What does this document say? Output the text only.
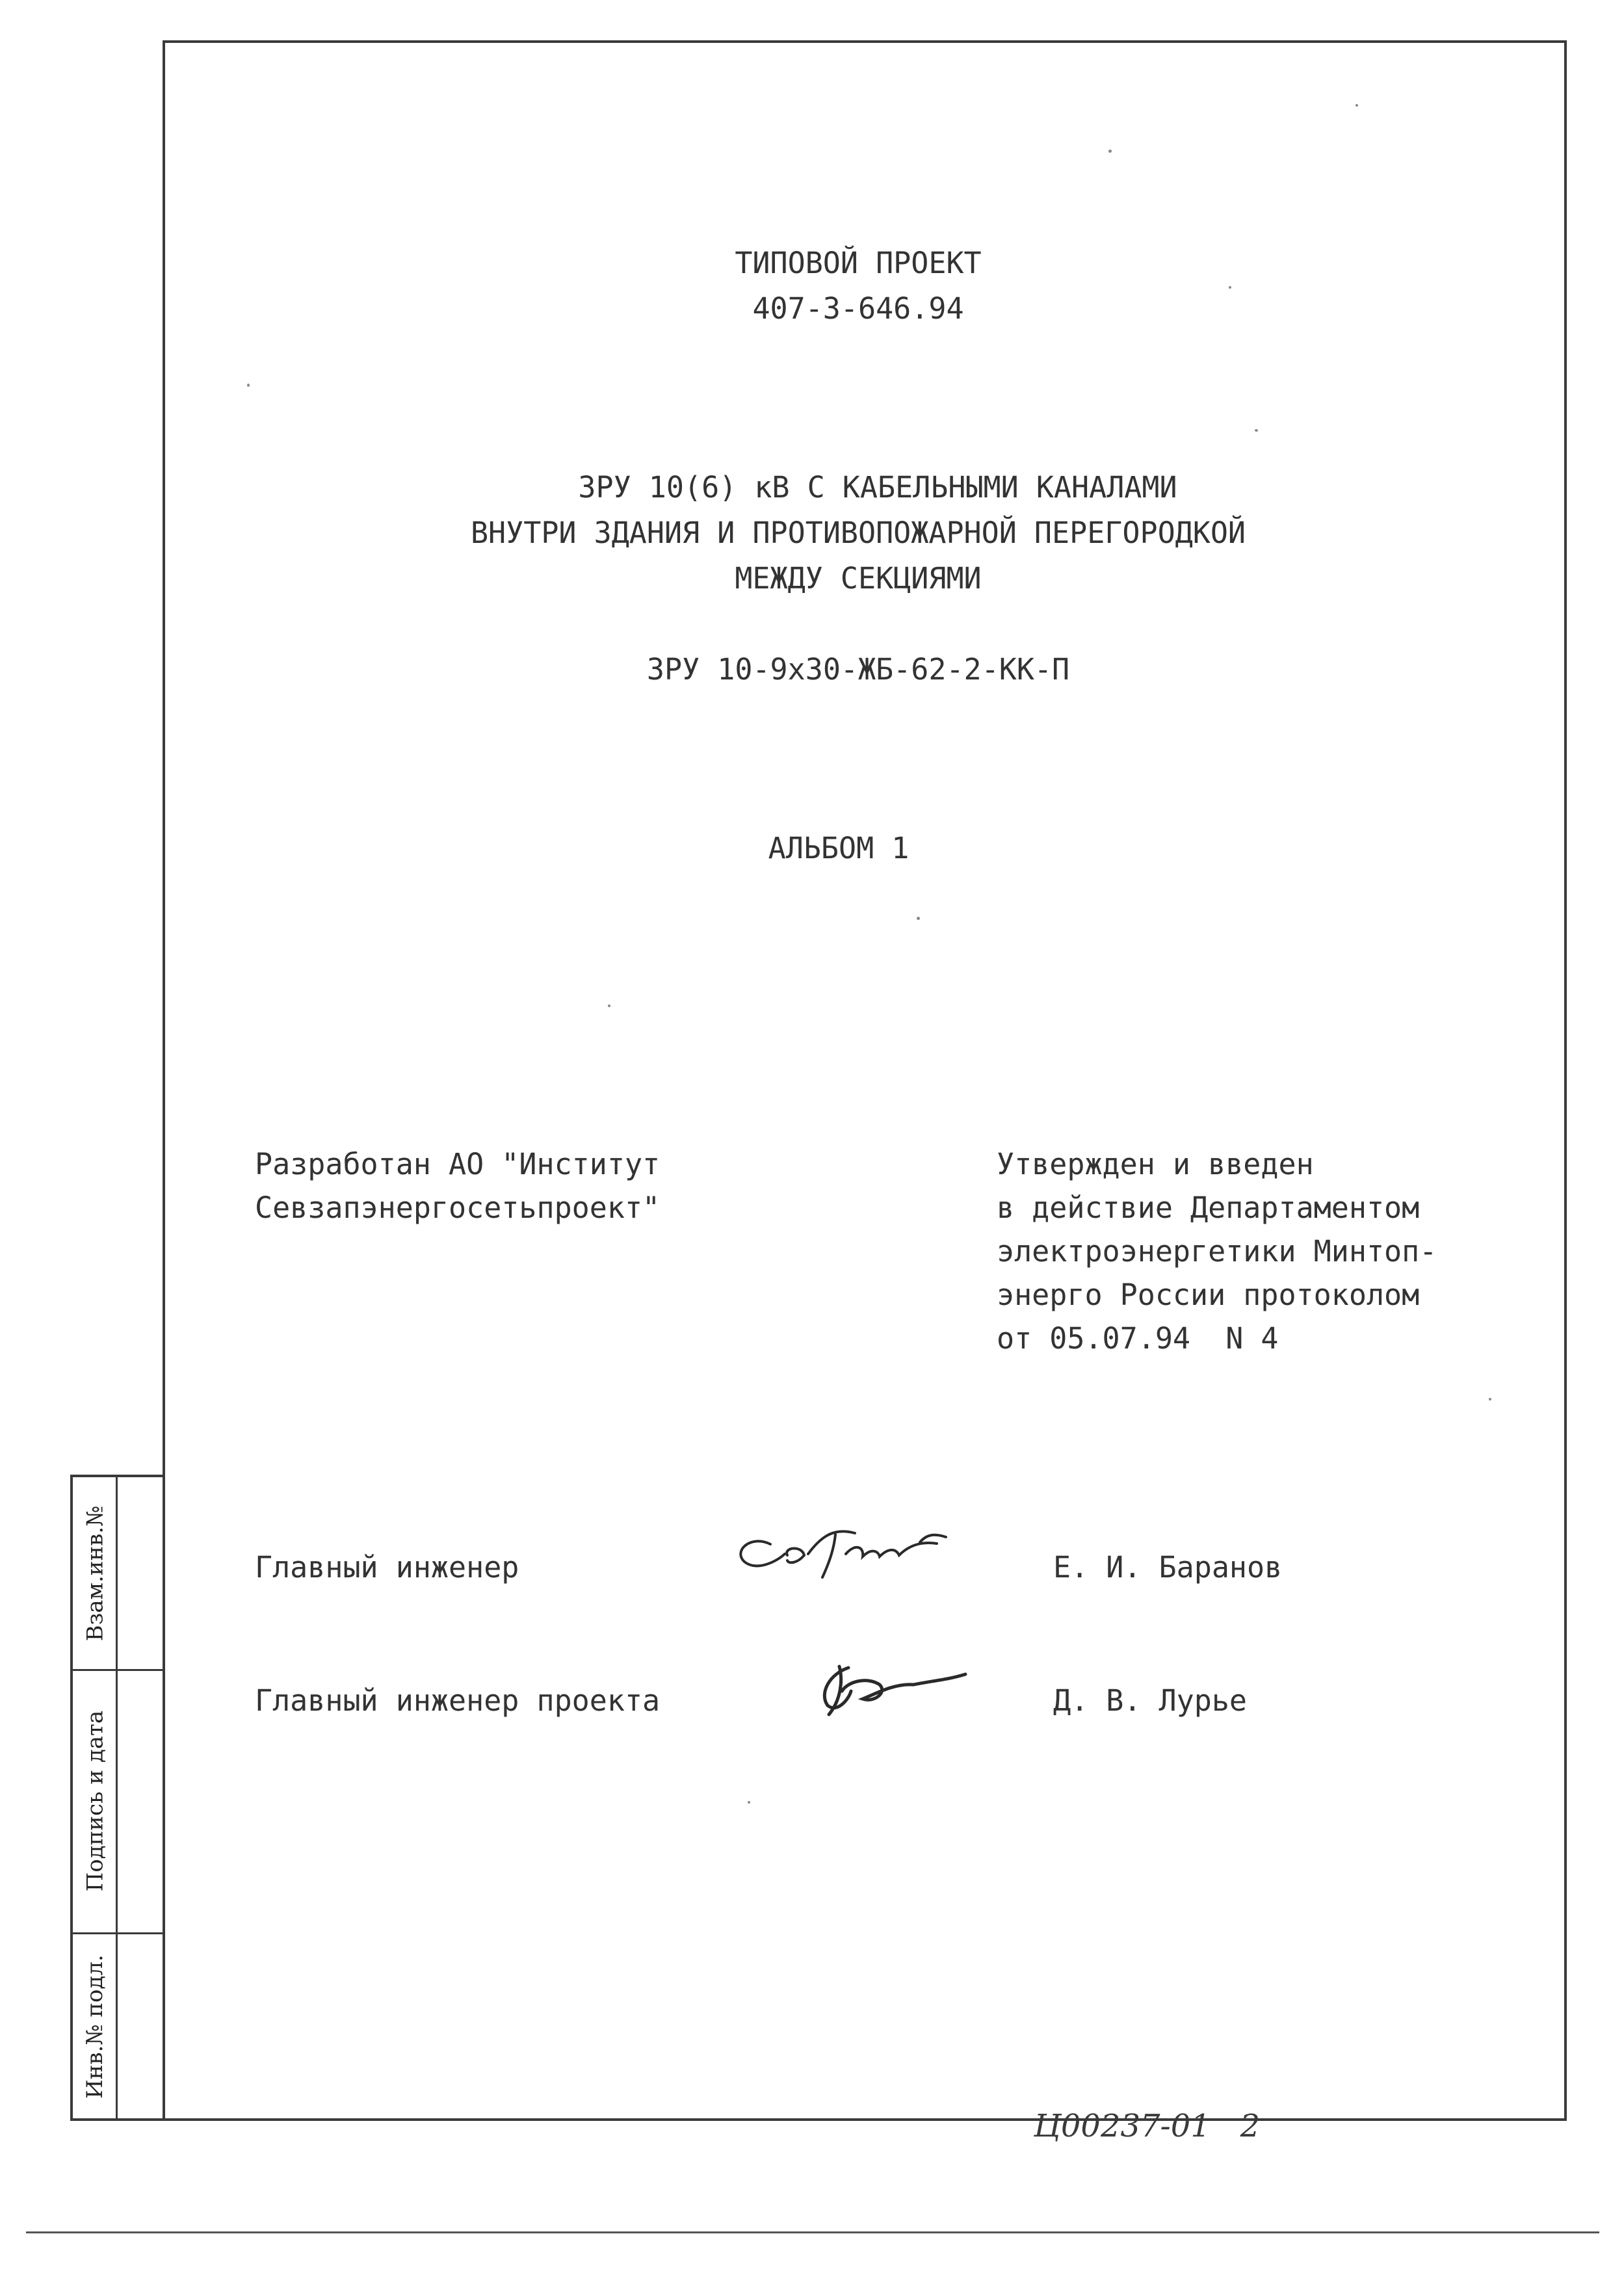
Взам.инв.№
Подпись и дата
Инв.№ подл.
ТИПОВОЙ ПРОЕКТ
407-3-646.94
ЗРУ 10(6) кВ С КАБЕЛЬНЫМИ КАНАЛАМИ
ВНУТРИ ЗДАНИЯ И ПРОТИВОПОЖАРНОЙ ПЕРЕГОРОДКОЙ
МЕЖДУ СЕКЦИЯМИ
ЗРУ 10-9х30-ЖБ-62-2-КК-П
АЛЬБОМ 1
Разработан АО "Институт
Севзапэнергосетьпроект"
Утвержден и введен
в действие Департаментом
электроэнергетики Минтоп-
энерго России протоколом
от 05.07.94  N 4
Главный инженер	Е. И. Баранов
Главный инженер проекта	Д. В. Лурье
Ц00237-01   2
